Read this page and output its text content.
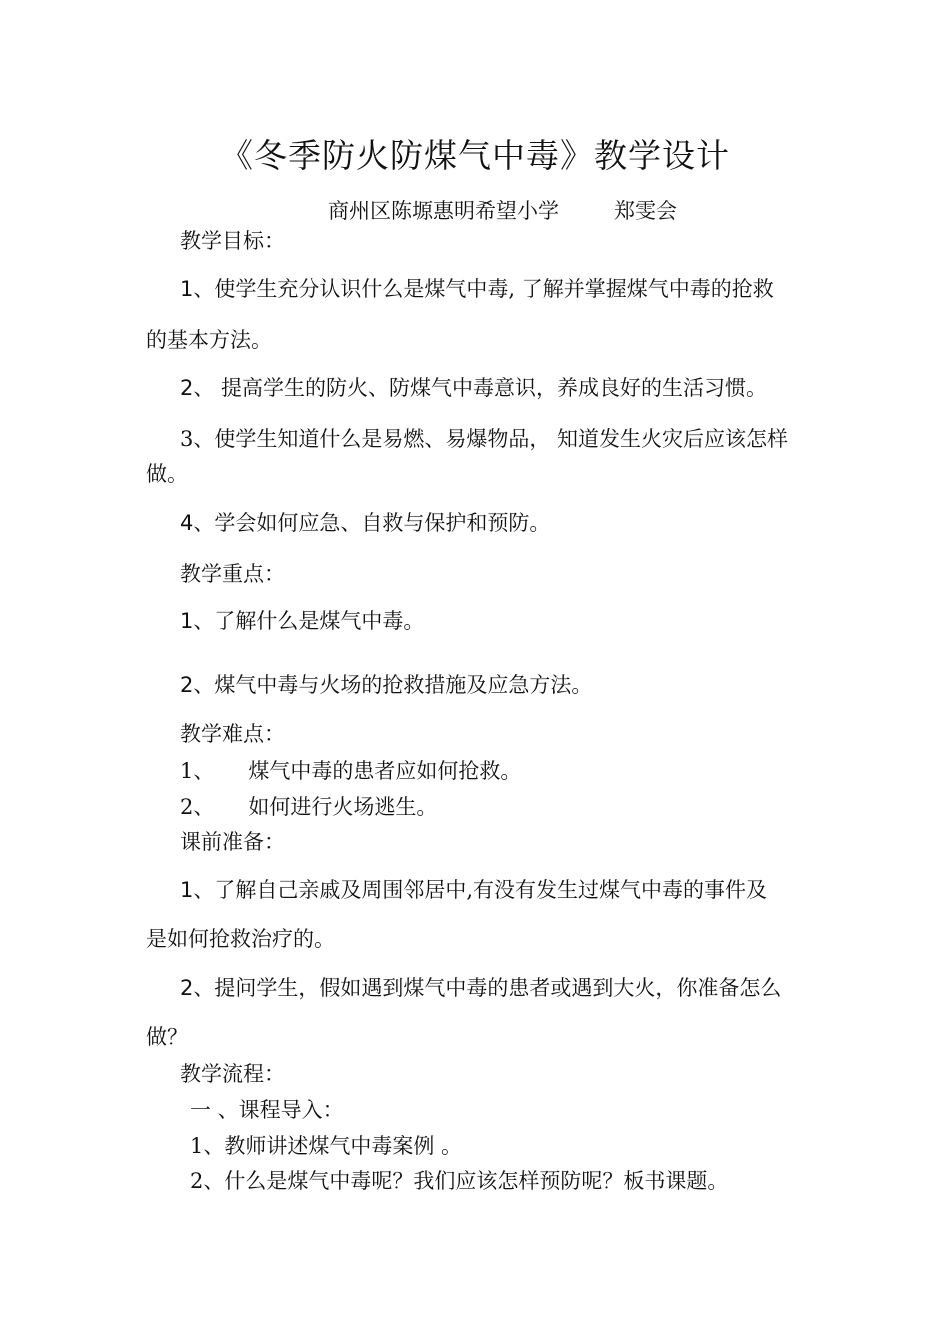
《冬季防火防煤气中毒》教学设计
商州区陈塬惠明希望小学	郑雯会
教学目标：
1、使学生充分认识什么是煤气中毒, 了解并掌握煤气中毒的抢救
的基本方法。
2、 提高学生的防火、防煤气中毒意识，养成良好的生活习惯。
3、使学生知道什么是易燃、易爆物品， 知道发生火灾后应该怎样
做。
4、学会如何应急、自救与保护和预防。
教学重点：
1、了解什么是煤气中毒。
2、煤气中毒与火场的抢救措施及应急方法。
教学难点：
1、 煤气中毒的患者应如何抢救。
2、 如何进行火场逃生。
课前准备：
1、了解自己亲戚及周围邻居中,有没有发生过煤气中毒的事件及
是如何抢救治疗的。
2、提问学生，假如遇到煤气中毒的患者或遇到大火，你准备怎么
做？
教学流程：
一 、课程导入：
1、教师讲述煤气中毒案例 。
2、什么是煤气中毒呢？我们应该怎样预防呢？板书课题。
